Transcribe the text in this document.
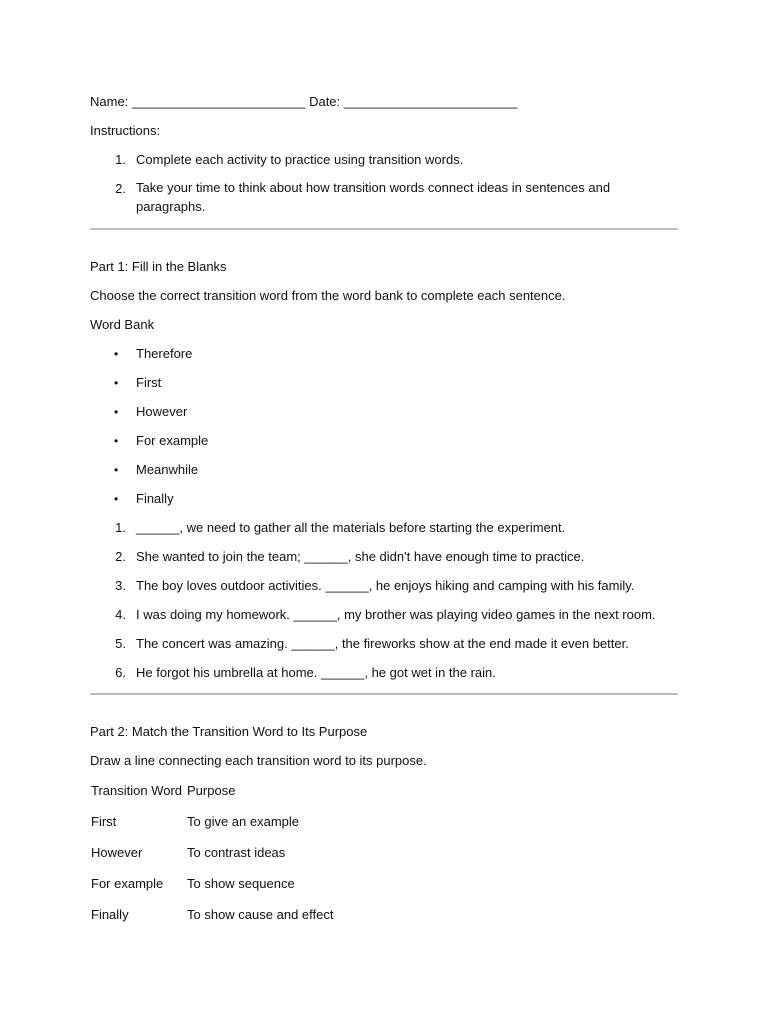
Name: ________________________ Date: ________________________
Instructions:
1. Complete each activity to practice using transition words.
2. Take your time to think about how transition words connect ideas in sentences and paragraphs.
Part 1: Fill in the Blanks
Choose the correct transition word from the word bank to complete each sentence.
Word Bank
• Therefore
• First
• However
• For example
• Meanwhile
• Finally
1. ______, we need to gather all the materials before starting the experiment.
2. She wanted to join the team; ______, she didn't have enough time to practice.
3. The boy loves outdoor activities. ______, he enjoys hiking and camping with his family.
4. I was doing my homework. ______, my brother was playing video games in the next room.
5. The concert was amazing. ______, the fireworks show at the end made it even better.
6. He forgot his umbrella at home. ______, he got wet in the rain.
Part 2: Match the Transition Word to Its Purpose
Draw a line connecting each transition word to its purpose.
Transition Word Purpose
First	To give an example
However	To contrast ideas
For example To show sequence
Finally	To show cause and effect
